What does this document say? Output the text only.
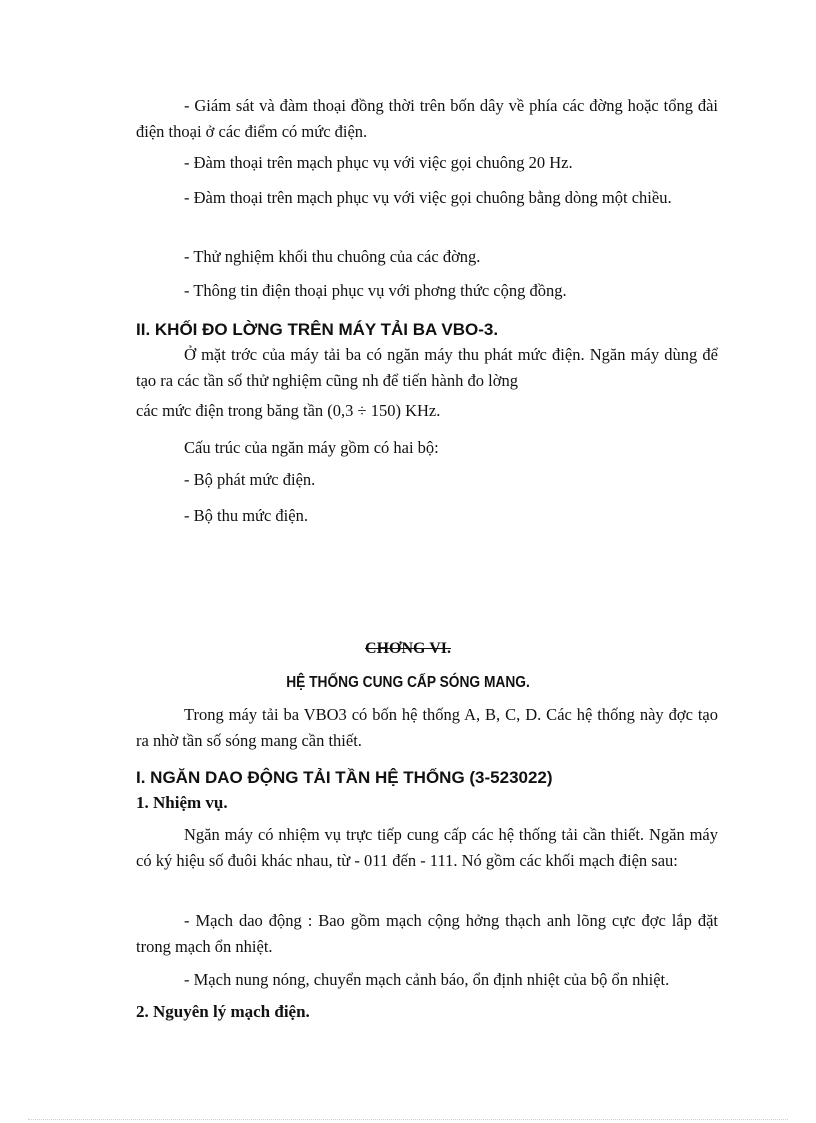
- Giám sát và đàm thoại đồng thời trên bốn dây về phía các đờng hoặc tổng đài điện thoại ở các điểm có mức điện.

- Đàm thoại trên mạch phục vụ với việc gọi chuông 20 Hz.

- Đàm thoại trên mạch phục vụ với việc gọi chuông bằng dòng một chiều.

- Thử nghiệm khối thu chuông của các đờng.

- Thông tin điện thoại phục vụ với phơng thức cộng đồng.

II. KHỐI ĐO LỜNG TRÊN MÁY TẢI BA VBO-3.

Ở mặt trớc của máy tải ba có ngăn máy thu phát mức điện. Ngăn máy dùng để tạo ra các tần số thử nghiệm cũng nh để tiến hành đo lờng

các mức điện trong băng tần (0,3 ÷ 150) KHz.

Cấu trúc của ngăn máy gồm có hai bộ:

- Bộ phát mức điện.

- Bộ thu mức điện.

CHƠNG VI.
HỆ THỐNG CUNG CẤP SÓNG MANG.

Trong máy tải ba VBO3 có bốn hệ thống A, B, C, D. Các hệ thống này đợc tạo ra nhờ tần số sóng mang cần thiết.

I. NGĂN DAO ĐỘNG TẢI TẦN HỆ THỐNG (3-523022)
1. Nhiệm vụ.

Ngăn máy có nhiệm vụ trực tiếp cung cấp các hệ thống tải cần thiết. Ngăn máy có ký hiệu số đuôi khác nhau, từ - 011 đến - 111. Nó gồm các khối mạch điện sau:

- Mạch dao động : Bao gồm mạch cộng hởng thạch anh lõng cực đợc lắp đặt trong mạch ổn nhiệt.

- Mạch nung nóng, chuyển mạch cảnh báo, ổn định nhiệt của bộ ổn nhiệt.

2. Nguyên lý mạch điện.
